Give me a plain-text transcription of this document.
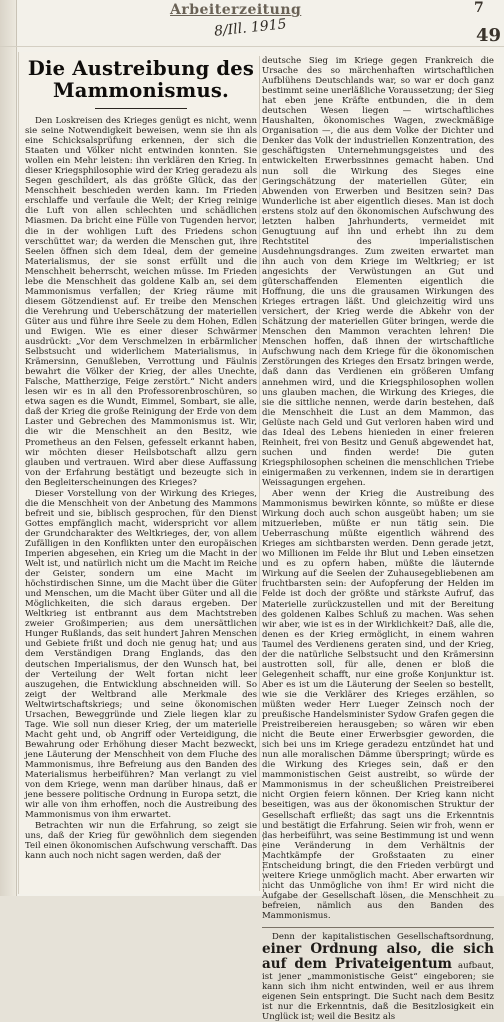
Arbeiterzeitung
8/Ill. 1915
7
49
Die Austreibung des Mammonismus.

Den Loskreisen des Krieges genügt es nicht, wenn sie seine Notwendigkeit beweisen, wenn sie ihn als eine Schicksalsprüfung erkennen, der sich die Staaten und Völker nicht entwinden konnten. Sie wollen ein Mehr leisten: ihn verklären den Krieg. In dieser Kriegsphilosophie wird der Krieg geradezu als Segen geschildert, als das größte Glück, das der Menschheit beschieden werden kann. Im Frieden erschlaffe und verfaule die Welt; der Krieg reinige die Luft von allen schlechten und schädlichen Miasmen. Da bricht eine Fülle von Tugenden hervor, die in der wohligen Luft des Friedens schon verschüttet war; da werden die Menschen gut, ihre Seelen öffnen sich dem Ideal, dem der gemeine Materialismus, der sie sonst erfüllt und die Menschheit beherrscht, weichen müsse. Im Frieden lebe die Menschheit das goldene Kalb an, sei dem Mammonismus verfallen; der Krieg räume mit diesem Götzendienst auf. Er treibe den Menschen die Verehrung und Ueberschätzung der materiellen Güter aus und führe ihre Seele zu dem Hohen, Edlen und Ewigen. Wie es einer dieser Schwärmer ausdrückt: „Vor dem Verschmelzen in erbärmlicher Selbstsucht und widerlichem Materialismus, in Krämersinn, Genußleben, Verrottung und Fäulnis bewahrt die Völker der Krieg, der alles Unechte, Falsche, Mattherzige, Feige zerstört.“ Nicht anders lesen wir es in all den Professorenbroschüren, so etwa sagen es die Wundt, Eimmel, Sombart, sie alle, daß der Krieg die große Reinigung der Erde von dem Laster und Gebrechen des Mammonismus ist. Wir, die wir die Menschheit an den Besitz, wie Prometheus an den Felsen, gefesselt erkannt haben, wir möchten dieser Heilsbotschaft allzu gern glauben und vertrauen. Wird aber diese Auffassung von der Erfahrung bestätigt und bezeugte sich in den Begleiterscheinungen des Krieges?

Dieser Vorstellung von der Wirkung des Krieges, die die Menschheit von der Anbetung des Mammons befreit und sie, biblisch gesprochen, für den Dienst Gottes empfänglich macht, widerspricht vor allem der Grundcharakter des Weltkrieges, der, von allem Zufälligen in den Konflikten unter den europäischen Imperien abgesehen, ein Krieg um die Macht in der Welt ist, und natürlich nicht um die Macht im Reiche der Geister, sondern um eine Macht im höchstirdischen Sinne, um die Macht über die Güter und Menschen, um die Macht über Güter und all die Möglichkeiten, die sich daraus ergeben. Der Weltkrieg ist entbrannt aus dem Machtstreben zweier Großimperien; aus dem unersättlichen Hunger Rußlands, das seit hundert Jahren Menschen und Gebiete frißt und doch nie genug hat; und aus dem Verständigen Drang Englands, das den deutschen Imperialismus, der den Wunsch hat, bei der Verteilung der Welt fortan nicht leer auszugehen, die Entwicklung abschneiden will. So zeigt der Weltbrand alle Merkmale des Weltwirtschaftskriegs; und seine ökonomischen Ursachen, Beweggründe und Ziele liegen klar zu Tage. Wie soll nun dieser Krieg, der um materielle Macht geht und, ob Angriff oder Verteidigung, die Bewahrung oder Erhöhung dieser Macht bezweckt, jene Läuterung der Menschheit von dem Fluche des Mammonismus, ihre Befreiung aus den Banden des Materialismus herbeiführen? Man verlangt zu viel von dem Kriege, wenn man darüber hinaus, daß er jene bessere politische Ordnung in Europa setzt, die wir alle von ihm erhoffen, noch die Austreibung des Mammonismus von ihm erwartet.

Betrachten wir nun die Erfahrung, so zeigt sie uns, daß der Krieg für gewöhnlich dem siegenden Teil einen ökonomischen Aufschwung verschafft. Das kann auch noch nicht sagen werden, daß der

deutsche Sieg im Kriege gegen Frankreich die Ursache des so märchenhaften wirtschaftlichen Aufblühens Deutschlands war, so war er doch ganz bestimmt seine unerläßliche Voraussetzung; der Sieg hat eben jene Kräfte entbunden, die in dem deutschen Wesen liegen — wirtschaftliches Haushalten, ökonomisches Wagen, zweckmäßige Organisation —, die aus dem Volke der Dichter und Denker das Volk der industriellen Konzentration, des geschäftigsten Unternehmungsgeistes und des entwickelten Erwerbssinnes gemacht haben. Und nun soll die Wirkung des Sieges eine Geringschätzung der materiellen Güter, ein Abwenden von Erwerben und Besitzen sein? Das Wunderliche ist aber eigentlich dieses. Man ist doch erstens stolz auf den ökonomischen Aufschwung des letzten halben Jahrhunderts, vermeidet mit Genugtuung auf ihn und erhebt ihn zu dem Rechtstitel des imperialistischen Ausdehnungsdranges. Zum zweiten erwartet man ihn auch von dem Kriege im Weltkrieg; er ist angesichts der Verwüstungen an Gut und güterschaffenden Elementen eigentlich die Hoffnung, die uns die grausamen Wirkungen des Krieges ertragen läßt. Und gleichzeitig wird uns versichert, der Krieg werde die Abkehr von der Schätzung der materiellen Güter bringen, werde die Menschen den Mammon verachten lehren! Die Menschen hoffen, daß ihnen der wirtschaftliche Aufschwung nach dem Kriege für die ökonomischen Zerstörungen des Krieges den Ersatz bringen werde, daß dann das Verdienen ein größeren Umfang annehmen wird, und die Kriegsphilosophen wollen uns glauben machen, die Wirkung des Krieges, die sie die sittliche nennen, werde darin bestehen, daß die Menschheit die Lust an dem Mammon, das Gelüste nach Geld und Gut verloren haben wird und das Ideal des Lebens hienieden in einer freieren Reinheit, frei von Besitz und Genuß abgewendet hat, suchen und finden werde! Die guten Kriegsphilosophen scheinen die menschlichen Triebe einigermaßen zu verkennen, indem sie in derartigen Weissagungen ergehen.

Aber wenn der Krieg die Austreibung des Mammonismus bewirken könnte, so müßte er diese Wirkung doch auch schon ausgeübt haben; um sie mitzuerleben, müßte er nun tätig sein. Die Ueberraschung müßte eigentlich während des Krieges am sichtbarsten werden. Denn gerade jetzt, wo Millionen im Felde ihr Blut und Leben einsetzen und es zu opfern haben, müßte die läuternde Wirkung auf die Seelen der Zuhausegebliebenen am fruchtbarsten sein: der Aufopferung der Helden im Felde ist doch der größte und stärkste Aufruf, das Materielle zurückzustellen und mit der Bereitung des goldenen Kalbes Schluß zu machen. Was sehen wir aber, wie ist es in der Wirklichkeit? Daß, alle die, denen es der Krieg ermöglicht, in einem wahren Taumel des Verdienens geraten sind, und der Krieg, der die natürliche Selbstsucht und den Krämersinn austrotten soll, für alle, denen er bloß die Gelegenheit schafft, nur eine große Konjunktur ist. Aber es ist um die Läuterung der Seelen so bestellt, wie sie die Verklärer des Krieges erzählen, so müßten weder Herr Lueger Zeinsch noch der preußische Handelsminister Sydow Grafen gegen die Preistreibereien herausgeben; so wären wir eben nicht die Beute einer Erwerbsgier geworden, die sich bei uns im Kriege geradezu entzündet hat und nun alle moralischen Dämme überspringt; würde es die Wirkung des Krieges sein, daß er den mammonistischen Geist austreibt, so würde der Mammonismus in der scheußlichen Preistreiberei nicht Orgien feiern können. Der Krieg kann nicht beseitigen, was aus der ökonomischen Struktur der Gesellschaft erfließt; das sagt uns die Erkenntnis und bestätigt die Erfahrung. Seien wir froh, wenn er das herbeiführt, was seine Bestimmung ist und wenn eine Veränderung in dem Verhältnis der Machtkämpfe der Großstaaten zu einer Entscheidung bringt, die den Frieden verbürgt und weitere Kriege unmöglich macht. Aber erwarten wir nicht das Unmögliche von ihm! Er wird nicht die Aufgabe der Gesellschaft lösen, die Menschheit zu befreien, nämlich aus den Banden des Mammonismus.

Denn der kapitalistischen Gesellschaftsordnung, einer Ordnung also, die sich auf dem Privateigentum aufbaut, ist jener „mammonistische Geist“ eingeboren; sie kann sich ihm nicht entwinden, weil er aus ihrem eigenen Sein entspringt. Die Sucht nach dem Besitz ist nur die Erkenntnis, daß die Besitzlosigkeit ein Unglück ist; weil die Besitz als
